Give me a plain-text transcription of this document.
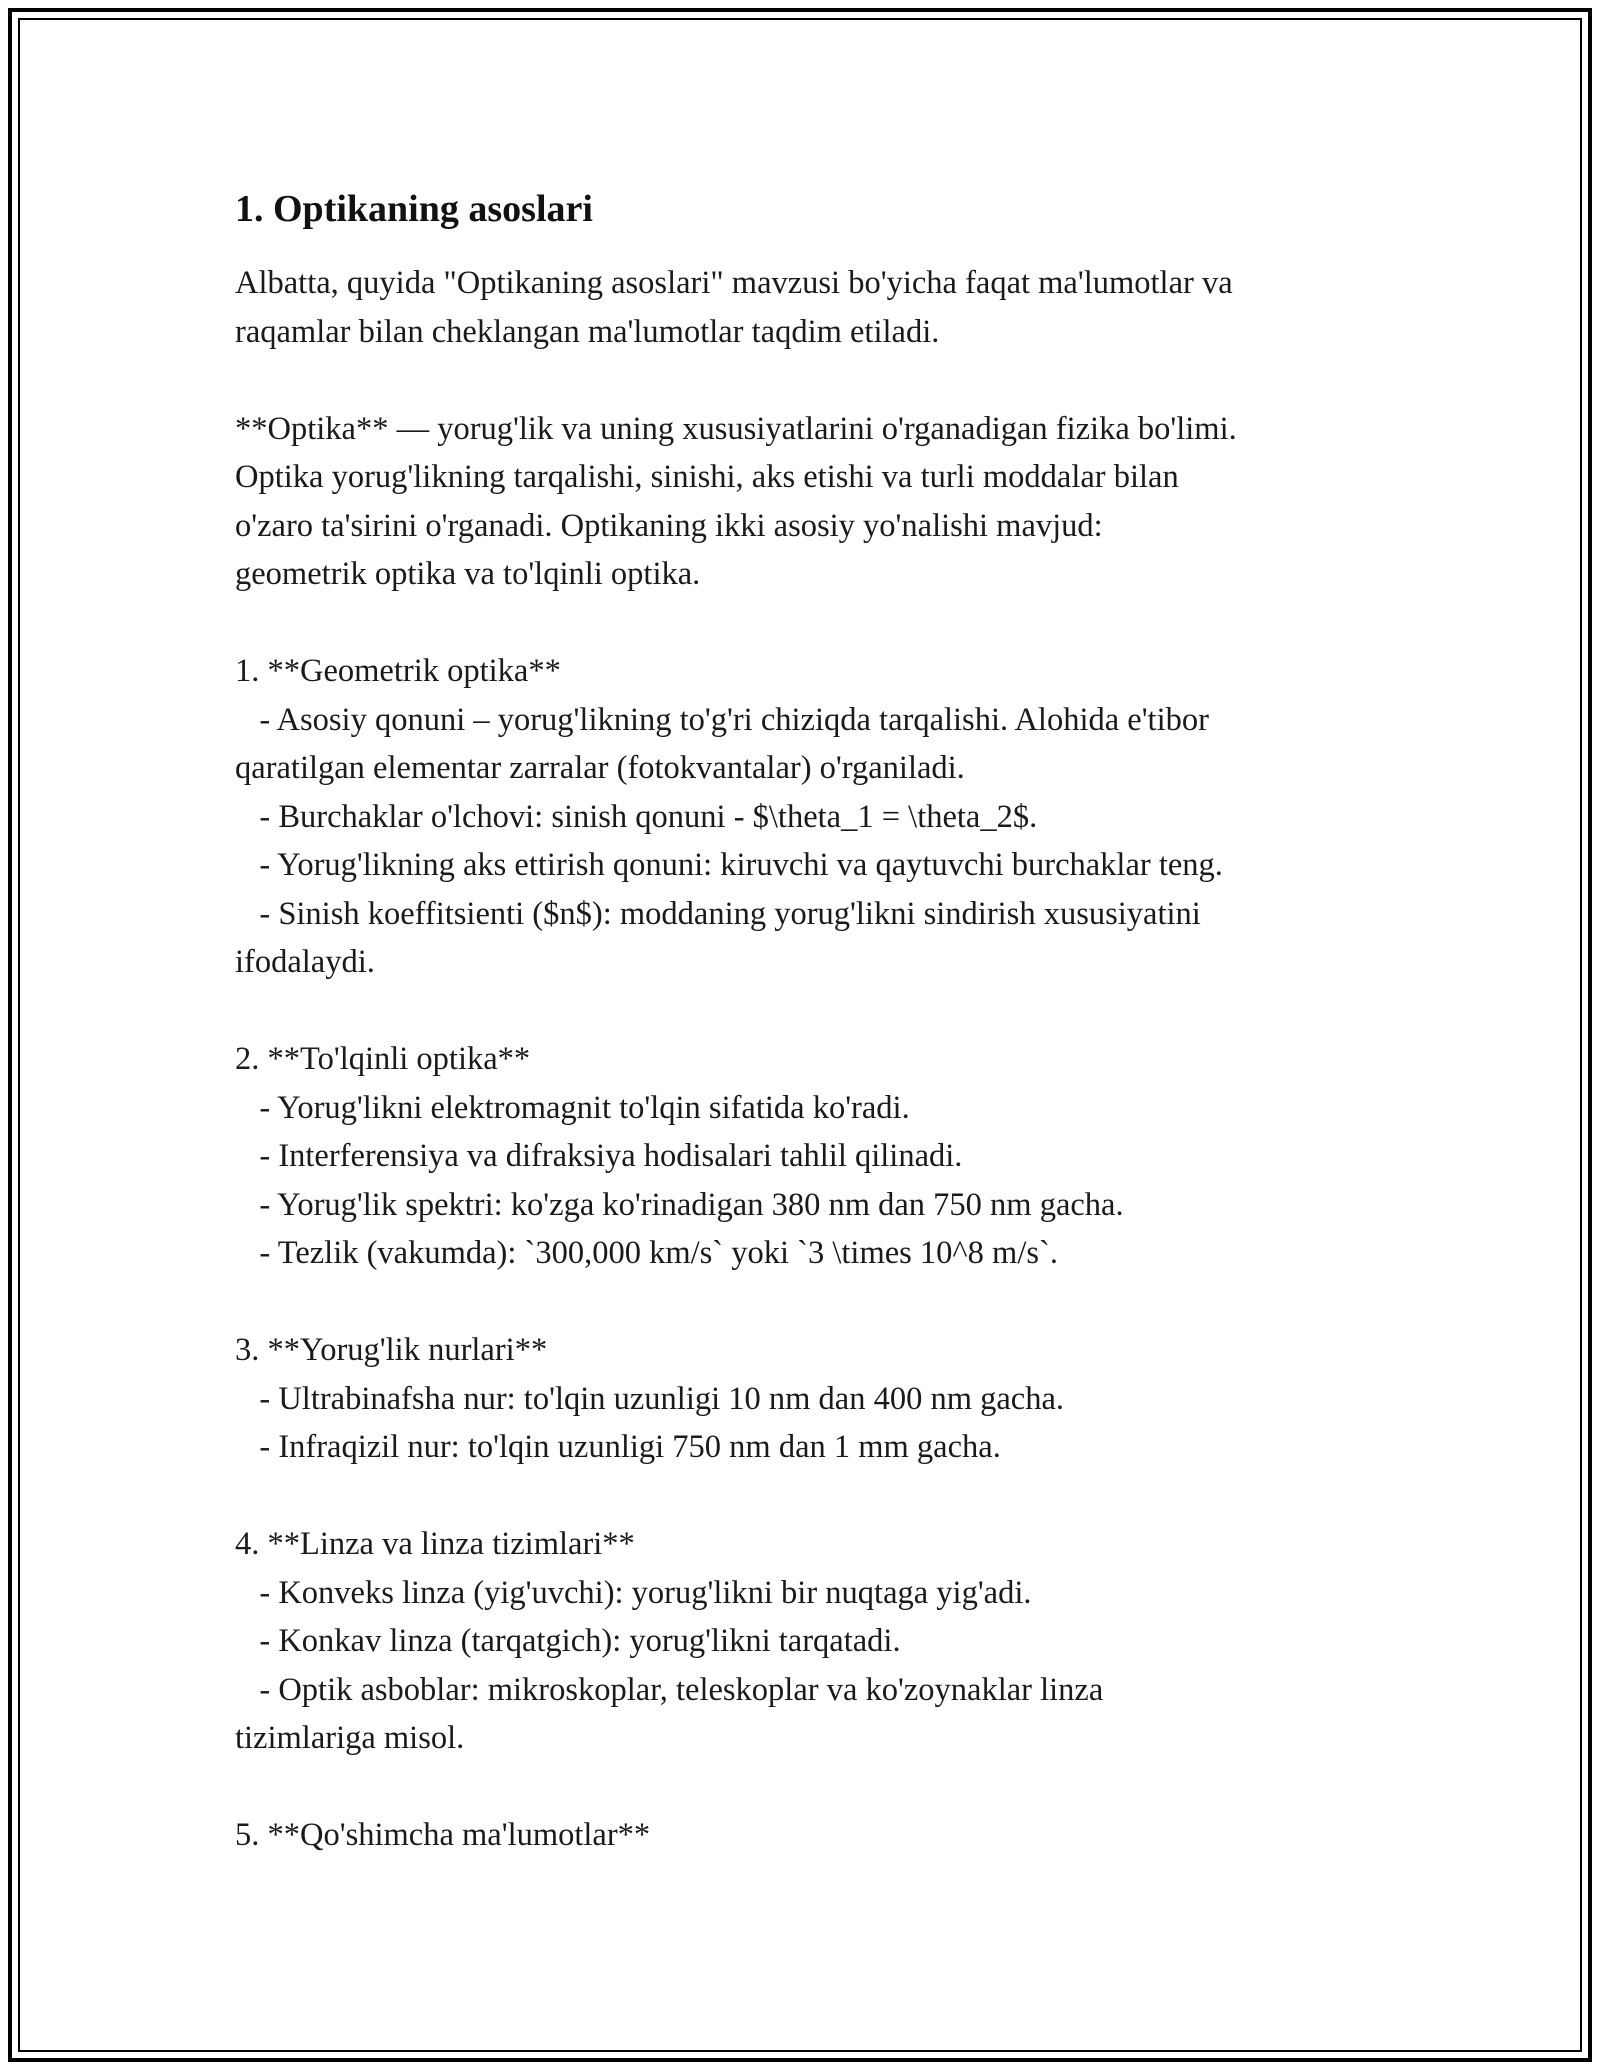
1. Optikaning asoslari
Albatta, quyida "Optikaning asoslari" mavzusi bo'yicha faqat ma'lumotlar va
raqamlar bilan cheklangan ma'lumotlar taqdim etiladi.
**Optika** — yorug'lik va uning xususiyatlarini o'rganadigan fizika bo'limi.
Optika yorug'likning tarqalishi, sinishi, aks etishi va turli moddalar bilan
o'zaro ta'sirini o'rganadi. Optikaning ikki asosiy yo'nalishi mavjud:
geometrik optika va to'lqinli optika.
1. **Geometrik optika**
- Asosiy qonuni – yorug'likning to'g'ri chiziqda tarqalishi. Alohida e'tibor
qaratilgan elementar zarralar (fotokvantalar) o'rganiladi.
- Burchaklar o'lchovi: sinish qonuni - $\theta_1 = \theta_2$.
- Yorug'likning aks ettirish qonuni: kiruvchi va qaytuvchi burchaklar teng.
- Sinish koeffitsienti ($n$): moddaning yorug'likni sindirish xususiyatini
ifodalaydi.
2. **To'lqinli optika**
- Yorug'likni elektromagnit to'lqin sifatida ko'radi.
- Interferensiya va difraksiya hodisalari tahlil qilinadi.
- Yorug'lik spektri: ko'zga ko'rinadigan 380 nm dan 750 nm gacha.
- Tezlik (vakumda): `300,000 km/s` yoki `3 \times 10^8 m/s`.
3. **Yorug'lik nurlari**
- Ultrabinafsha nur: to'lqin uzunligi 10 nm dan 400 nm gacha.
- Infraqizil nur: to'lqin uzunligi 750 nm dan 1 mm gacha.
4. **Linza va linza tizimlari**
- Konveks linza (yig'uvchi): yorug'likni bir nuqtaga yig'adi.
- Konkav linza (tarqatgich): yorug'likni tarqatadi.
- Optik asboblar: mikroskoplar, teleskoplar va ko'zoynaklar linza
tizimlariga misol.
5. **Qo'shimcha ma'lumotlar**
